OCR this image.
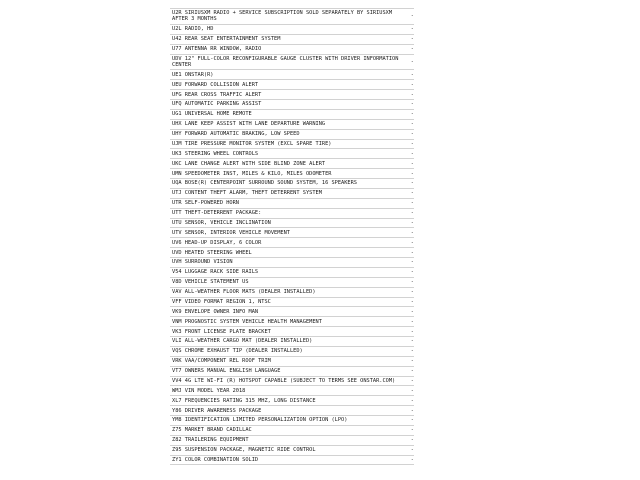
U2R SIRIUSXM RADIO + SERVICE SUBSCRIPTION SOLD SEPARATELY BY SIRIUSXM AFTER 3 MONTHS	-
U2L RADIO, HD	-
U42 REAR SEAT ENTERTAINMENT SYSTEM	-
U77 ANTENNA RR WINDOW, RADIO	-
UDV 12" FULL-COLOR RECONFIGURABLE GAUGE CLUSTER WITH DRIVER INFORMATION CENTER	-
UE1 ONSTAR(R)	-
UEU FORWARD COLLISION ALERT	-
UFG REAR CROSS TRAFFIC ALERT	-
UFQ AUTOMATIC PARKING ASSIST	-
UG1 UNIVERSAL HOME REMOTE	-
UHX LANE KEEP ASSIST WITH LANE DEPARTURE WARNING	-
UHY FORWARD AUTOMATIC BRAKING, LOW SPEED	-
UJM TIRE PRESSURE MONITOR SYSTEM (EXCL SPARE TIRE)	-
UK3 STEERING WHEEL CONTROLS	-
UKC LANE CHANGE ALERT WITH SIDE BLIND ZONE ALERT	-
UMN SPEEDOMETER INST, MILES & KILO, MILES ODOMETER	-
UQA BOSE(R) CENTERPOINT SURROUND SOUND SYSTEM, 16 SPEAKERS	-
UTJ CONTENT THEFT ALARM, THEFT DETERRENT SYSTEM	-
UTR SELF-POWERED HORN	-
UTT THEFT-DETERRENT PACKAGE:	-
UTU SENSOR, VEHICLE INCLINATION	-
UTV SENSOR, INTERIOR VEHICLE MOVEMENT	-
UV6 HEAD-UP DISPLAY, 6 COLOR	-
UVD HEATED STEERING WHEEL	-
UVH SURROUND VISION	-
V54 LUGGAGE RACK SIDE RAILS	-
V8D VEHICLE STATEMENT US	-
VAV ALL-WEATHER FLOOR MATS (DEALER INSTALLED)	-
VFF VIDEO FORMAT REGION 1, NTSC	-
VK9 ENVELOPE OWNER INFO MAN	-
VNM PROGNOSTIC SYSTEM VEHICLE HEALTH MANAGEMENT	-
VK3 FRONT LICENSE PLATE BRACKET	-
VLI ALL-WEATHER CARGO MAT (DEALER INSTALLED)	-
VQS CHROME EXHAUST TIP (DEALER INSTALLED)	-
VRK VAA/COMPONENT REL ROOF TRIM	-
VT7 OWNERS MANUAL ENGLISH LANGUAGE	-
VV4 4G LTE WI-FI (R) HOTSPOT CAPABLE (SUBJECT TO TERMS SEE ONSTAR.COM)	-
WMJ VIN MODEL YEAR 2018	-
XL7 FREQUENCIES RATING 315 MHZ, LONG DISTANCE	-
Y86 DRIVER AWARENESS PACKAGE	-
YM8 IDENTIFICATION LIMITED PERSONALIZATION OPTION (LPO)	-
Z75 MARKET BRAND CADILLAC	-
Z82 TRAILERING EQUIPMENT	-
Z95 SUSPENSION PACKAGE, MAGNETIC RIDE CONTROL	-
ZY1 COLOR COMBINATION SOLID	-
